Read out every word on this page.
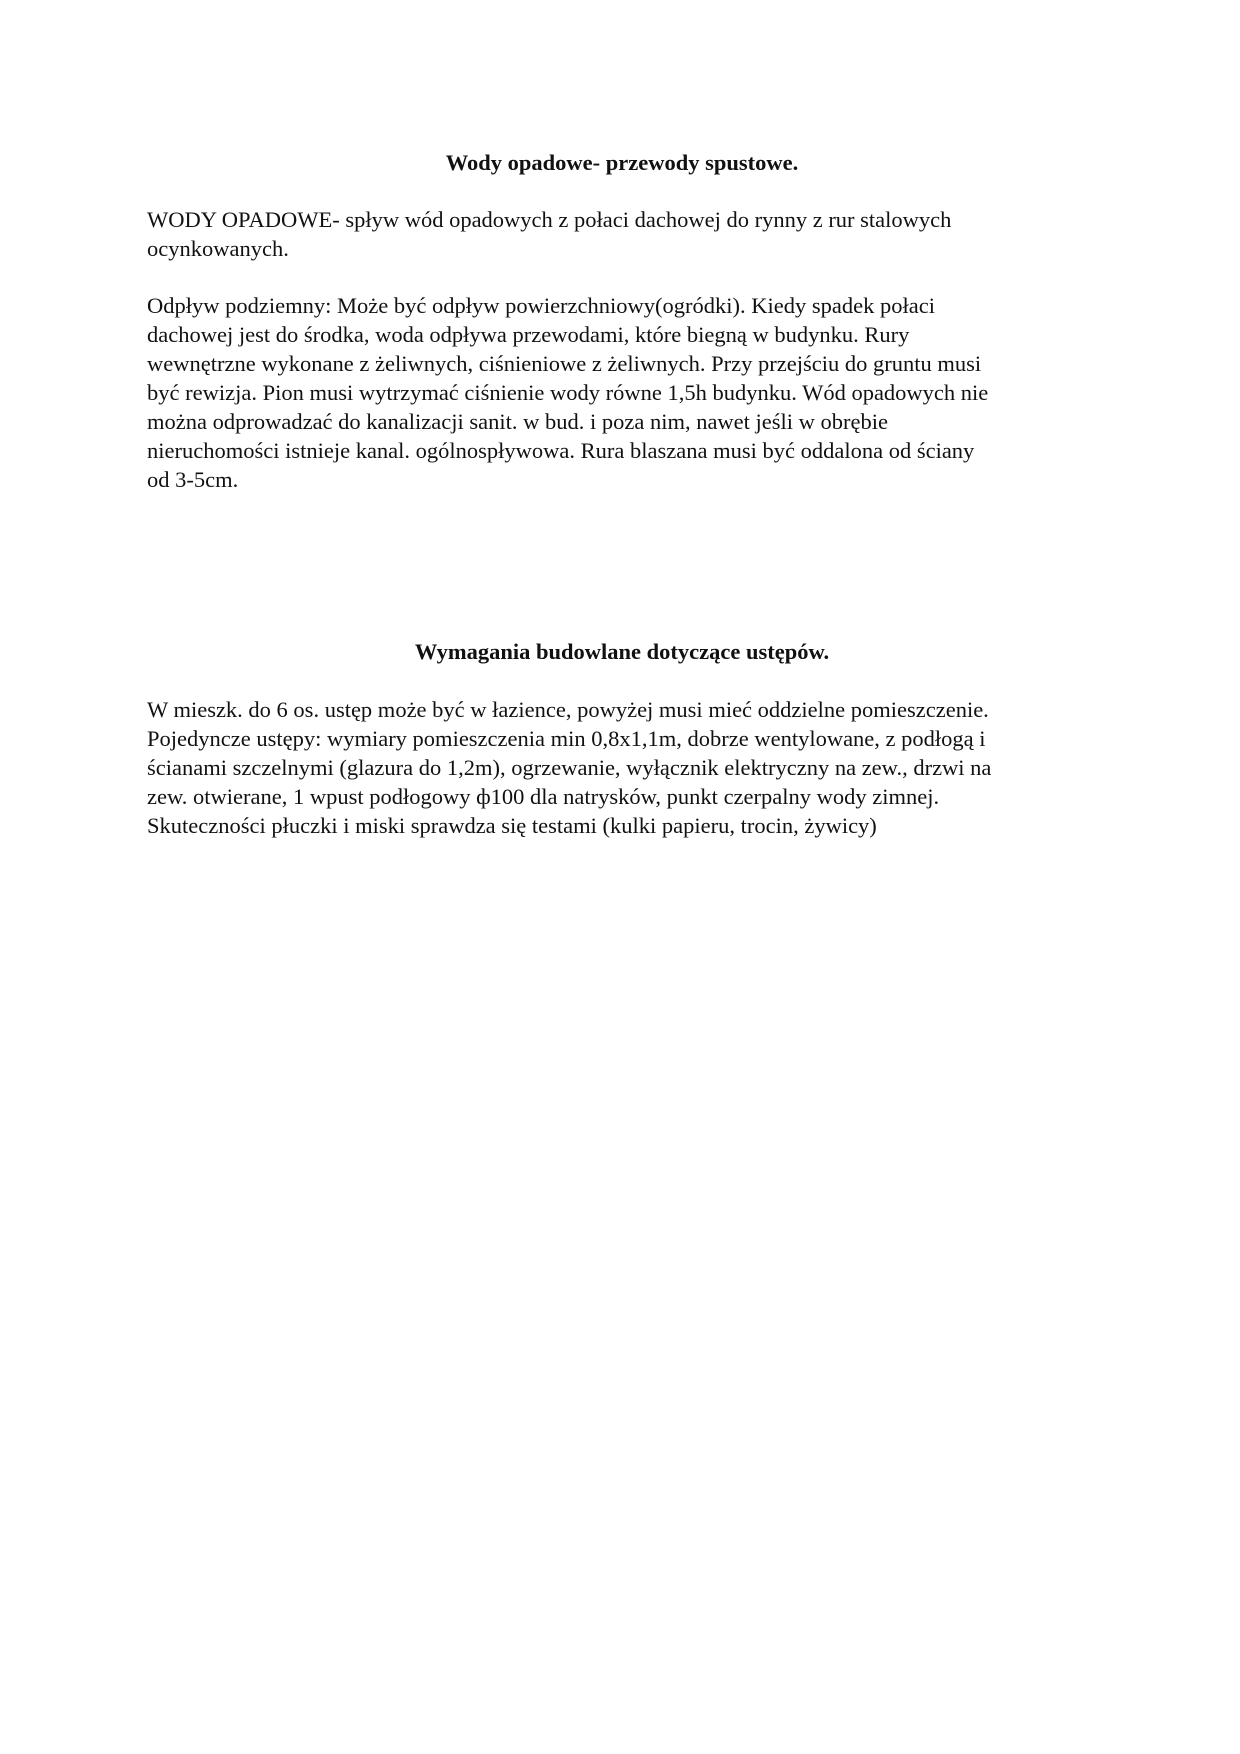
Wody opadowe- przewody spustowe.

WODY OPADOWE- spływ wód opadowych z połaci dachowej do rynny z rur stalowych
ocynkowanych.

Odpływ podziemny: Może być odpływ powierzchniowy(ogródki). Kiedy spadek połaci
dachowej jest do środka, woda odpływa przewodami, które biegną w budynku. Rury
wewnętrzne wykonane z żeliwnych, ciśnieniowe z żeliwnych. Przy przejściu do gruntu musi
być rewizja. Pion musi wytrzymać ciśnienie wody równe 1,5h budynku. Wód opadowych nie
można odprowadzać do kanalizacji sanit. w bud. i poza nim, nawet jeśli w obrębie
nieruchomości istnieje kanal. ogólnospływowa. Rura blaszana musi być oddalona od ściany
od 3-5cm.

Wymagania budowlane dotyczące ustępów.

W mieszk. do 6 os. ustęp może być w łazience, powyżej musi mieć oddzielne pomieszczenie.
Pojedyncze ustępy: wymiary pomieszczenia min 0,8x1,1m, dobrze wentylowane, z podłogą i
ścianami szczelnymi (glazura do 1,2m), ogrzewanie, wyłącznik elektryczny na zew., drzwi na
zew. otwierane, 1 wpust podłogowy ф100 dla natrysków, punkt czerpalny wody zimnej.
Skuteczności płuczki i miski sprawdza się testami (kulki papieru, trocin, żywicy)
